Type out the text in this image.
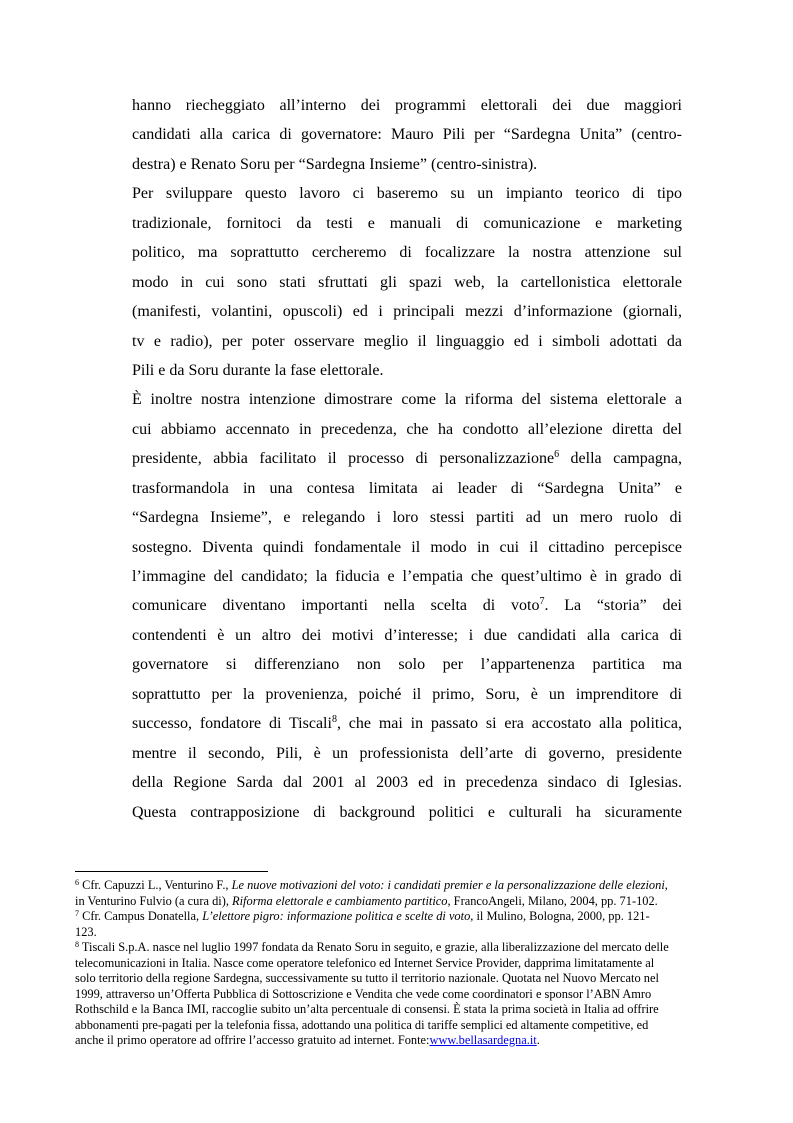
hanno riecheggiato all’interno dei programmi elettorali dei due maggiori
candidati alla carica di governatore: Mauro Pili per “Sardegna Unita” (centro-
destra) e Renato Soru per “Sardegna Insieme” (centro-sinistra).
Per sviluppare questo lavoro ci baseremo su un impianto teorico di tipo
tradizionale, fornitoci da testi e manuali di comunicazione e marketing
politico, ma soprattutto cercheremo di focalizzare la nostra attenzione sul
modo in cui sono stati sfruttati gli spazi web, la cartellonistica elettorale
(manifesti, volantini, opuscoli) ed i principali mezzi d’informazione (giornali,
tv e radio), per poter osservare meglio il linguaggio ed i simboli adottati da
Pili e da Soru durante la fase elettorale.
È inoltre nostra intenzione dimostrare come la riforma del sistema elettorale a
cui abbiamo accennato in precedenza, che ha condotto all’elezione diretta del
presidente, abbia facilitato il processo di personalizzazione$^6$ della campagna,
trasformandola in una contesa limitata ai leader di “Sardegna Unita” e
“Sardegna Insieme”, e relegando i loro stessi partiti ad un mero ruolo di
sostegno. Diventa quindi fondamentale il modo in cui il cittadino percepisce
l’immagine del candidato; la fiducia e l’empatia che quest’ultimo è in grado di
comunicare diventano importanti nella scelta di voto$^7$. La “storia” dei
contendenti è un altro dei motivi d’interesse; i due candidati alla carica di
governatore si differenziano non solo per l’appartenenza partitica ma
soprattutto per la provenienza, poiché il primo, Soru, è un imprenditore di
successo, fondatore di Tiscali$^8$, che mai in passato si era accostato alla politica,
mentre il secondo, Pili, è un professionista dell’arte di governo, presidente
della Regione Sarda dal 2001 al 2003 ed in precedenza sindaco di Iglesias.
Questa contrapposizione di background politici e culturali ha sicuramente
$^6$ Cfr. Capuzzi L., Venturino F., Le nuove motivazioni del voto: i candidati premier e la personalizzazione delle elezioni,
in Venturino Fulvio (a cura di), Riforma elettorale e cambiamento partitico, FrancoAngeli, Milano, 2004, pp. 71-102.
$^7$ Cfr. Campus Donatella, L’elettore pigro: informazione politica e scelte di voto, il Mulino, Bologna, 2000, pp. 121-
123.
$^8$ Tiscali S.p.A. nasce nel luglio 1997 fondata da Renato Soru in seguito, e grazie, alla liberalizzazione del mercato delle
telecomunicazioni in Italia. Nasce come operatore telefonico ed Internet Service Provider, dapprima limitatamente al
solo territorio della regione Sardegna, successivamente su tutto il territorio nazionale. Quotata nel Nuovo Mercato nel
1999, attraverso un’Offerta Pubblica di Sottoscrizione e Vendita che vede come coordinatori e sponsor l’ABN Amro
Rothschild e la Banca IMI, raccoglie subito un’alta percentuale di consensi. È stata la prima società in Italia ad offrire
abbonamenti pre-pagati per la telefonia fissa, adottando una politica di tariffe semplici ed altamente competitive, ed
anche il primo operatore ad offrire l’accesso gratuito ad internet. Fonte:www.bellasardegna.it.
